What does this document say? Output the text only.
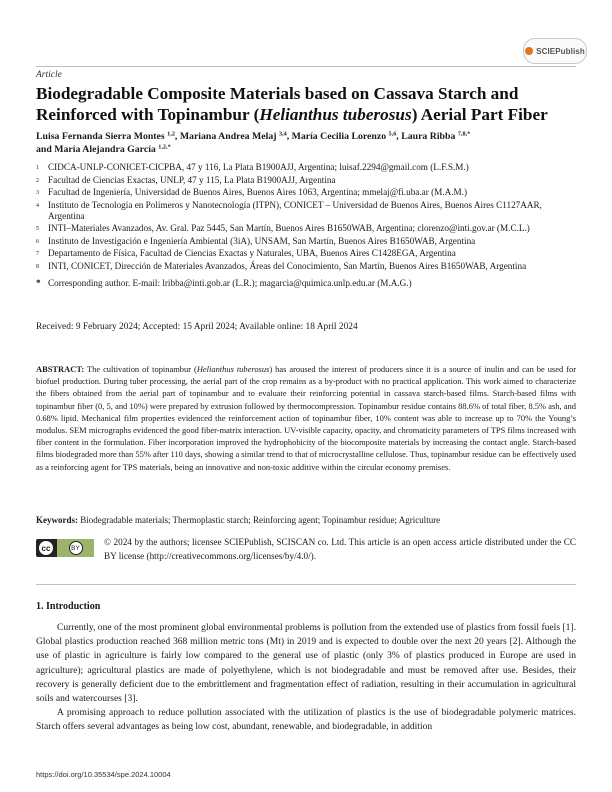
SCIEPublish
Article
Biodegradable Composite Materials based on Cassava Starch and Reinforced with Topinambur (Helianthus tuberosus) Aerial Part Fiber
Luisa Fernanda Sierra Montes $^{1,2}$, Mariana Andrea Melaj $^{3,4}$, María Cecilia Lorenzo $^{5,6}$, Laura Ribba $^{7,8,*}$
and María Alejandra García $^{1,2,*}$
1 CIDCA-UNLP-CONICET-CICPBA, 47 y 116, La Plata B1900AJJ, Argentina; luisaf.2294@gmail.com (L.F.S.M.)
2 Facultad de Ciencias Exactas, UNLP, 47 y 115, La Plata B1900AJJ, Argentina
3 Facultad de Ingeniería, Universidad de Buenos Aires, Buenos Aires 1063, Argentina; mmelaj@fi.uba.ar (M.A.M.)
4 Instituto de Tecnología en Polímeros y Nanotecnología (ITPN), CONICET – Universidad de Buenos Aires, Buenos Aires C1127AAR, Argentina
5 INTI–Materiales Avanzados, Av. Gral. Paz 5445, San Martín, Buenos Aires B1650WAB, Argentina; clorenzo@inti.gov.ar (M.C.L.)
6 Instituto de Investigación e Ingeniería Ambiental (3iA), UNSAM, San Martín, Buenos Aires B1650WAB, Argentina
7 Departamento de Física, Facultad de Ciencias Exactas y Naturales, UBA, Buenos Aires C1428EGA, Argentina
8 INTI, CONICET, Dirección de Materiales Avanzados, Áreas del Conocimiento, San Martín, Buenos Aires B1650WAB, Argentina
* Corresponding author. E-mail: lribba@inti.gob.ar (L.R.); magarcia@quimica.unlp.edu.ar (M.A.G.)
Received: 9 February 2024; Accepted: 15 April 2024; Available online: 18 April 2024
ABSTRACT: The cultivation of topinambur (Helianthus tuberosus) has aroused the interest of producers since it is a source of inulin and can be used for biofuel production. During tuber processing, the aerial part of the crop remains as a by-product with no practical application. This work aimed to characterize the fibers obtained from the aerial part of topinambur and to evaluate their reinforcing potential in cassava starch-based films. Starch-based films with topinambur fiber (0, 5, and 10%) were prepared by extrusion followed by thermocompression. Topinambur residue contains 88.6% of total fiber, 8.5% ash, and 0.68% lipid. Mechanical film properties evidenced the reinforcement action of topinambur fiber, 10% content was able to increase up to 70% the Young’s modulus. SEM micrographs evidenced the good fiber-matrix interaction. UV-visible capacity, opacity, and chromaticity parameters of TPS films increased with fiber content in the formulation. Fiber incorporation improved the hydrophobicity of the biocomposite materials by increasing the contact angle. Starch-based films biodegraded more than 55% after 110 days, showing a similar trend to that of microcrystalline cellulose. Thus, topinambur residue can be effectively used as a reinforcing agent for TPS materials, being an innovative and non-toxic additive within the circular economy premises.
Keywords: Biodegradable materials; Thermoplastic starch; Reinforcing agent; Topinambur residue; Agriculture
cc	BY
© 2024 by the authors; licensee SCIEPublish, SCISCAN co. Ltd. This article is an open access article distributed under the CC BY license (http://creativecommons.org/licenses/by/4.0/).
1. Introduction

Currently, one of the most prominent global environmental problems is pollution from the extended use of plastics from fossil fuels [1]. Global plastics production reached 368 million metric tons (Mt) in 2019 and is expected to double over the next 20 years [2]. Although the use of plastic in agriculture is fairly low compared to the general use of plastic (only 3% of plastics produced in Europe are used in agriculture); agricultural plastics are made of polyethylene, which is not biodegradable and must be removed after use. Besides, their recovery is generally deficient due to the embrittlement and fragmentation effect of radiation, resulting in their accumulation in agricultural soils and watercourses [3].

A promising approach to reduce pollution associated with the utilization of plastics is the use of biodegradable polymeric matrices. Starch offers several advantages as being low cost, abundant, renewable, and biodegradable, in addition

https://doi.org/10.35534/spe.2024.10004
